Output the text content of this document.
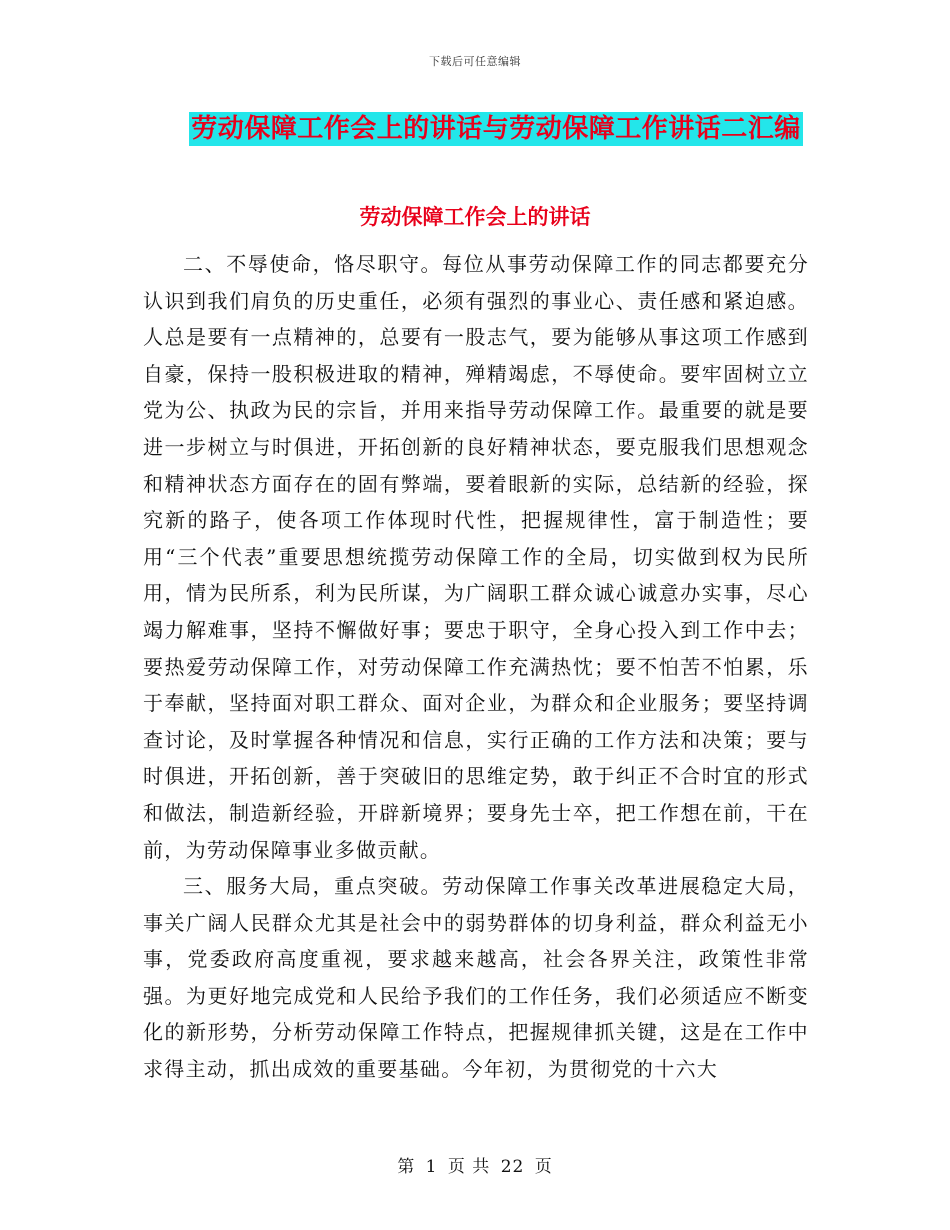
下载后可任意编辑
劳动保障工作会上的讲话与劳动保障工作讲话二汇编
劳动保障工作会上的讲话

二、不辱使命，恪尽职守。每位从事劳动保障工作的同志都要充分认识到我们肩负的历史重任，必须有强烈的事业心、责任感和紧迫感。人总是要有一点精神的，总要有一股志气，要为能够从事这项工作感到自豪，保持一股积极进取的精神，殚精竭虑，不辱使命。要牢固树立立党为公、执政为民的宗旨，并用来指导劳动保障工作。最重要的就是要进一步树立与时俱进，开拓创新的良好精神状态，要克服我们思想观念和精神状态方面存在的固有弊端，要着眼新的实际，总结新的经验，探究新的路子，使各项工作体现时代性，把握规律性，富于制造性；要用“三个代表”重要思想统揽劳动保障工作的全局，切实做到权为民所用，情为民所系，利为民所谋，为广阔职工群众诚心诚意办实事，尽心竭力解难事，坚持不懈做好事；要忠于职守，全身心投入到工作中去；要热爱劳动保障工作，对劳动保障工作充满热忱；要不怕苦不怕累，乐于奉献，坚持面对职工群众、面对企业，为群众和企业服务；要坚持调查讨论，及时掌握各种情况和信息，实行正确的工作方法和决策；要与时俱进，开拓创新，善于突破旧的思维定势，敢于纠正不合时宜的形式和做法，制造新经验，开辟新境界；要身先士卒，把工作想在前，干在前，为劳动保障事业多做贡献。

三、服务大局，重点突破。劳动保障工作事关改革进展稳定大局，事关广阔人民群众尤其是社会中的弱势群体的切身利益，群众利益无小事，党委政府高度重视，要求越来越高，社会各界关注，政策性非常强。为更好地完成党和人民给予我们的工作任务，我们必须适应不断变化的新形势，分析劳动保障工作特点，把握规律抓关键，这是在工作中求得主动，抓出成效的重要基础。今年初，为贯彻党的十六大

第 1 页 共 22 页
